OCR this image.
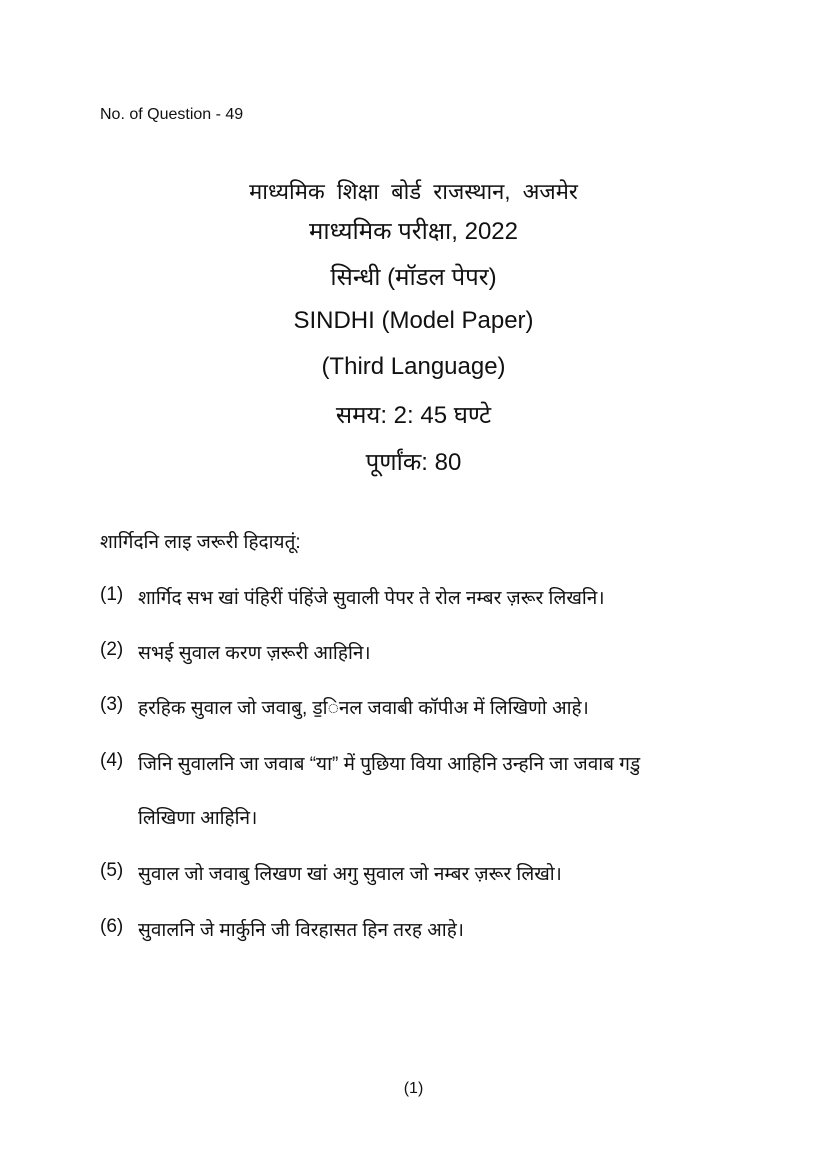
No. of Question - 49
माध्यमिक शिक्षा बोर्ड राजस्थान, अजमेर
माध्यमिक परीक्षा, 2022
सिन्धी (मॉडल पेपर)
SINDHI (Model Paper)
(Third Language)
समय: 2: 45 घण्टे
पूर्णांक: 80
शार्गिदनि लाइ जरूरी हिदायतूं:
(1) शार्गिद सभ खां पंहिरीं पंहिंजे सुवाली पेपर ते रोल नम्बर ज़रूर लिखनि।
(2) सभई सुवाल करण ज़रूरी आहिनि।
(3) हरहिक सुवाल जो जवाबु, ड॒िनल जवाबी कॉपीअ में लिखिणो आहे।
(4) जिनि सुवालनि जा जवाब “या” में पुछिया विया आहिनि उन्हनि जा जवाब गडु
लिखिणा आहिनि।
(5) सुवाल जो जवाबु लिखण खां अगु सुवाल जो नम्बर ज़रूर लिखो।
(6) सुवालनि जे मार्कुनि जी विरहासत हिन तरह आहे।
(1)
